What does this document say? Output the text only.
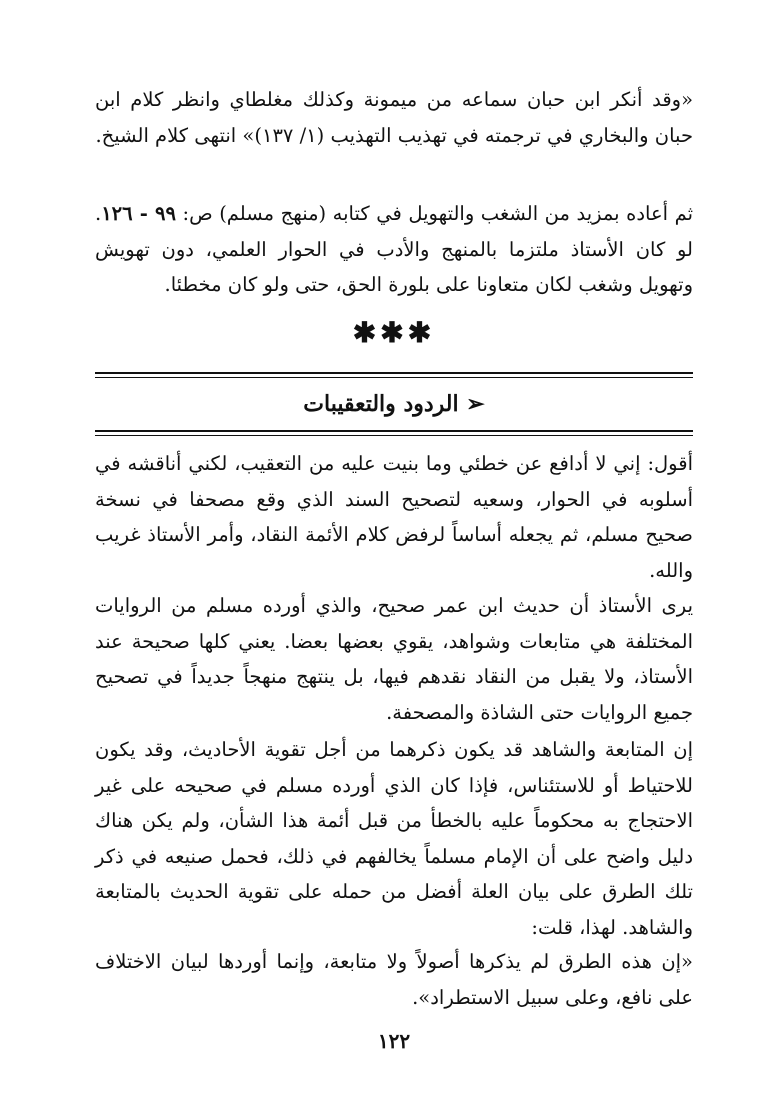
«وقد أنكر ابن حبان سماعه من ميمونة وكذلك مغلطاي وانظر كلام ابن حبان والبخاري في ترجمته في تهذيب التهذيب (١/ ١٣٧)» انتهى كلام الشيخ.

ثم أعاده بمزيد من الشغب والتهويل في كتابه (منهج مسلم) ص: ٩٩ - ١٢٦. لو كان الأستاذ ملتزما بالمنهج والأدب في الحوار العلمي، دون تهويش وتهويل وشغب لكان متعاونا على بلورة الحق، حتى ولو كان مخطئا.

✱✱✱
➢ الردود والتعقيبات

أقول: إني لا أدافع عن خطئي وما بنيت عليه من التعقيب، لكني أناقشه في أسلوبه في الحوار، وسعيه لتصحيح السند الذي وقع مصحفا في نسخة صحيح مسلم، ثم يجعله أساساً لرفض كلام الأئمة النقاد، وأمر الأستاذ غريب والله.

يرى الأستاذ أن حديث ابن عمر صحيح، والذي أورده مسلم من الروايات المختلفة هي متابعات وشواهد، يقوي بعضها بعضا. يعني كلها صحيحة عند الأستاذ، ولا يقبل من النقاد نقدهم فيها، بل ينتهج منهجاً جديداً في تصحيح جميع الروايات حتى الشاذة والمصحفة.

إن المتابعة والشاهد قد يكون ذكرهما من أجل تقوية الأحاديث، وقد يكون للاحتياط أو للاستئناس، فإذا كان الذي أورده مسلم في صحيحه على غير الاحتجاج به محكوماً عليه بالخطأ من قبل أئمة هذا الشأن، ولم يكن هناك دليل واضح على أن الإمام مسلماً يخالفهم في ذلك، فحمل صنيعه في ذكر تلك الطرق على بيان العلة أفضل من حمله على تقوية الحديث بالمتابعة والشاهد. لهذا، قلت:

«إن هذه الطرق لم يذكرها أصولاً ولا متابعة، وإنما أوردها لبيان الاختلاف على نافع، وعلى سبيل الاستطراد».

١٢٢
